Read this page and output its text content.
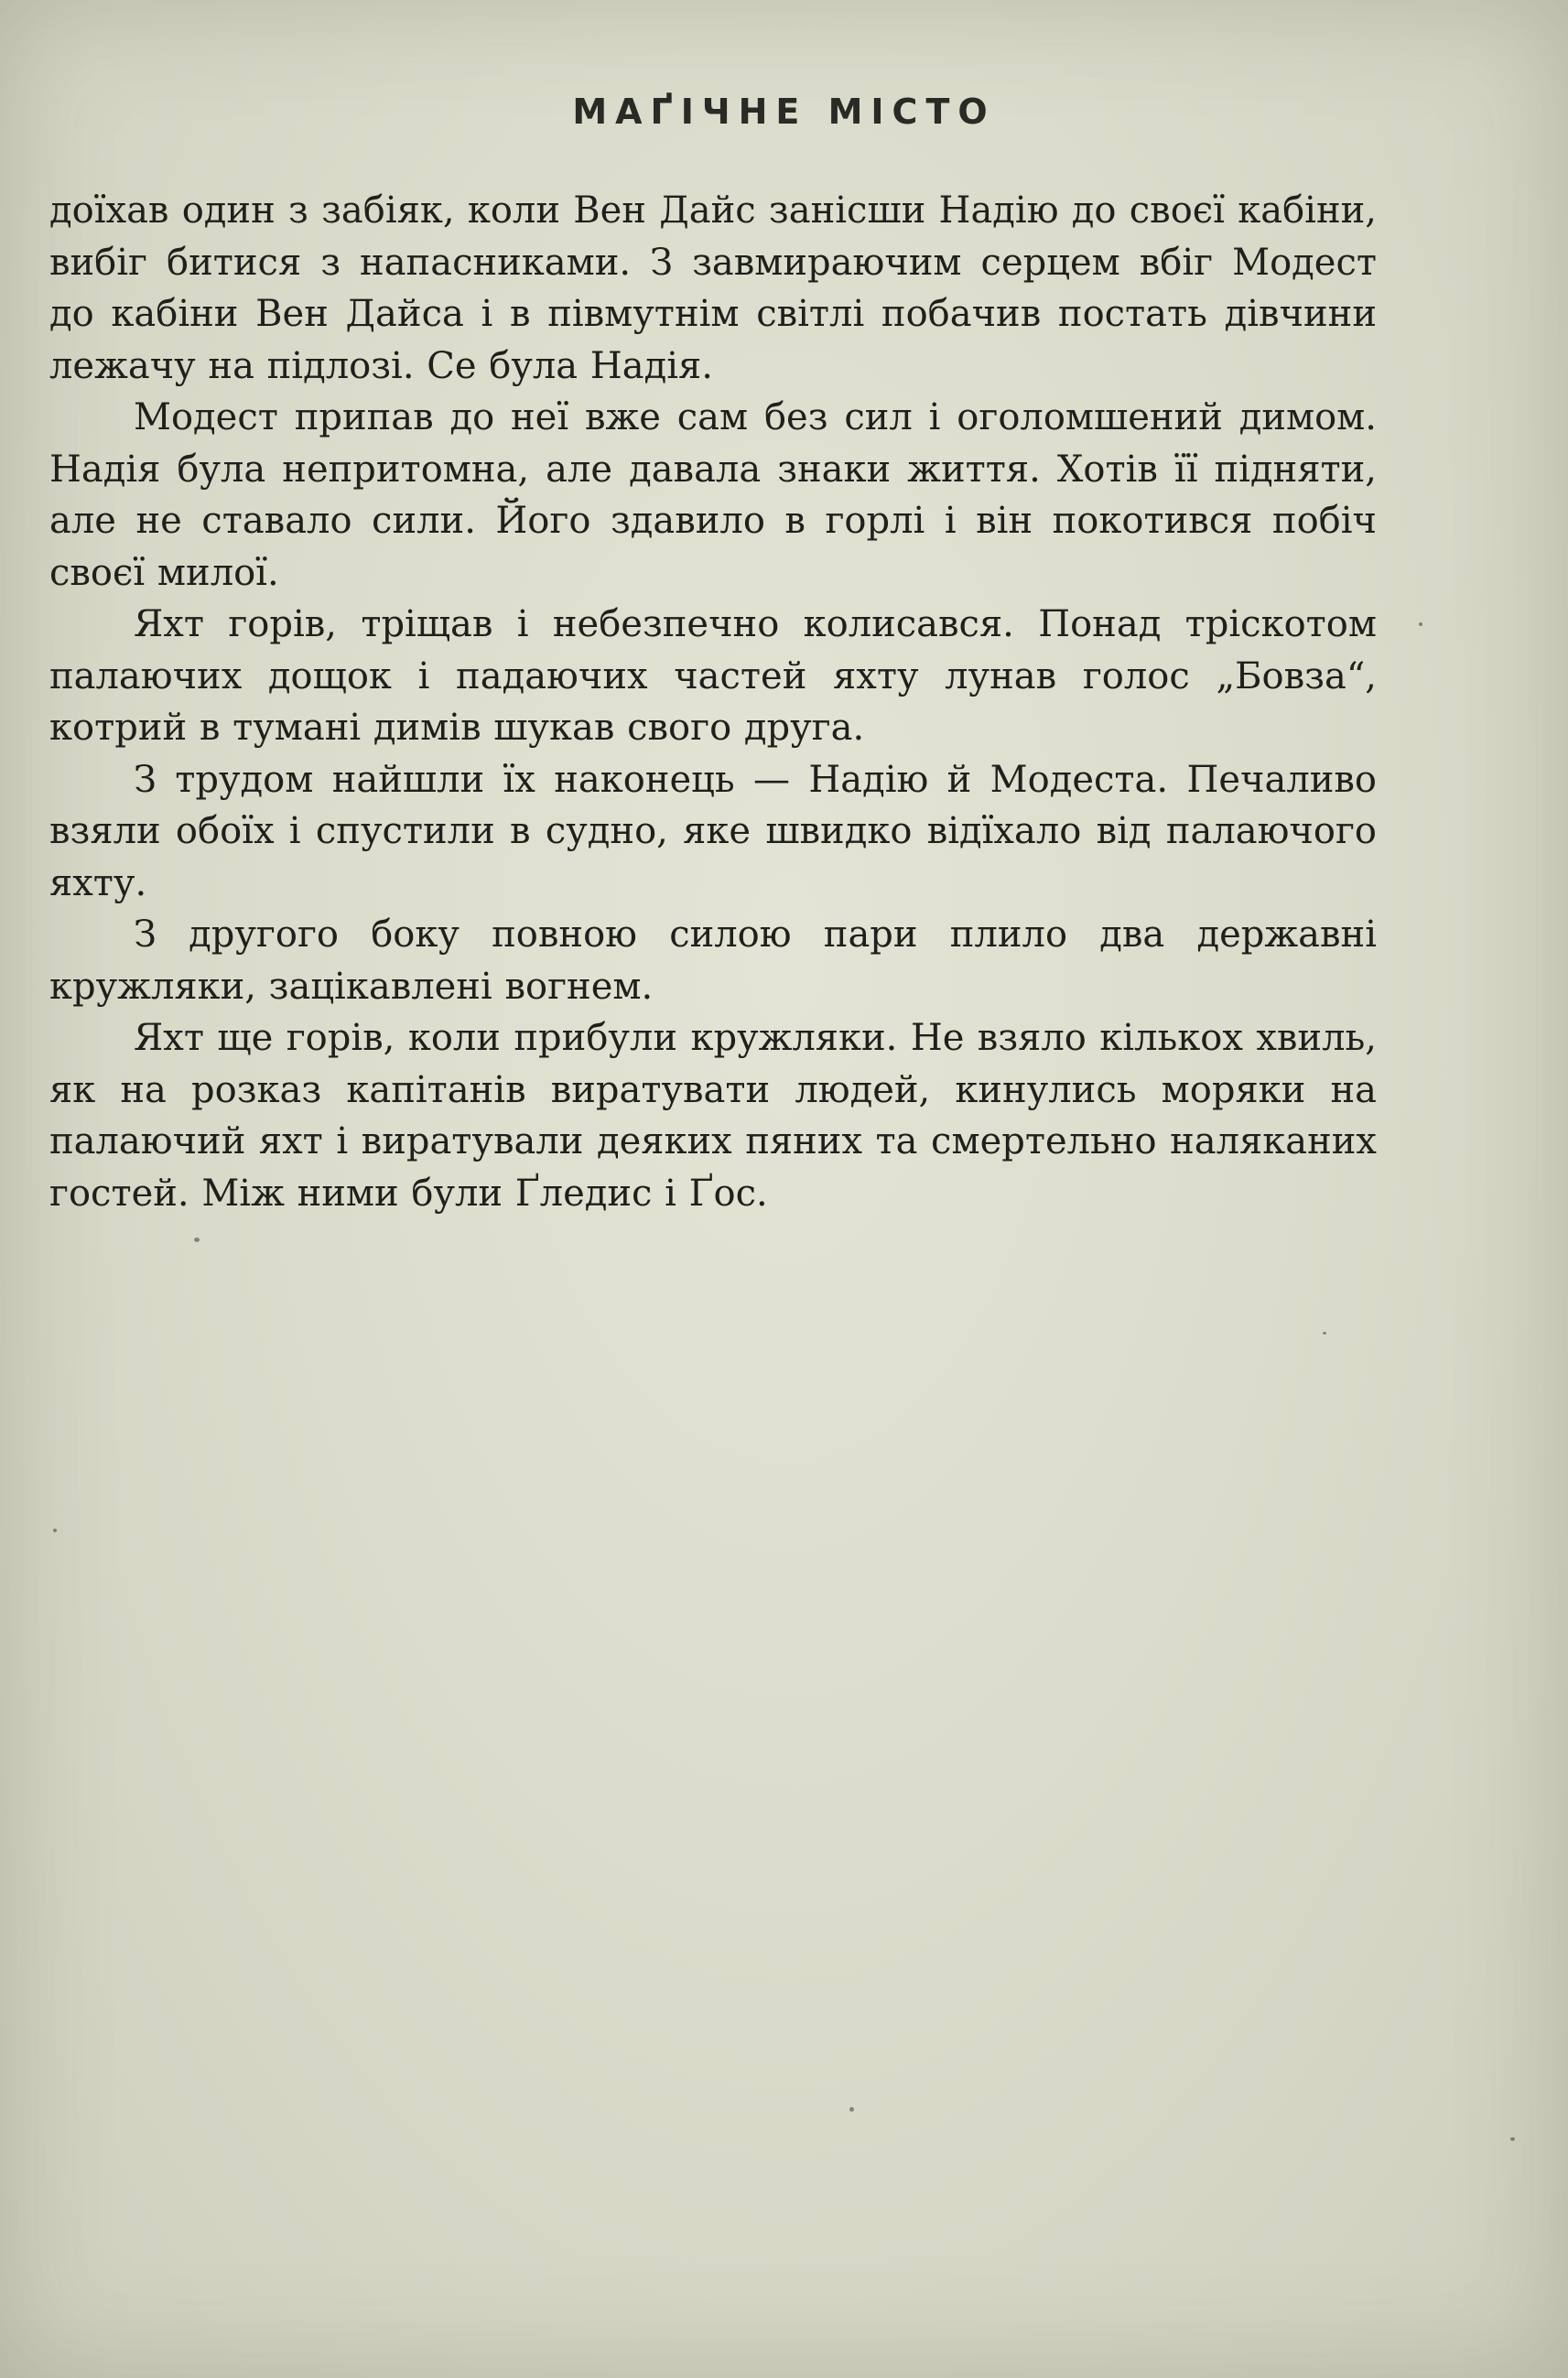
МАҐІЧНЕ МІСТО

доїхав один з забіяк, коли Вен Дайс занісши Надію до своєї кабіни, вибіг битися з напасниками. З завмираючим серцем вбіг Модест до кабіни Вен Дайса і в півмутнім світлі побачив постать дівчини лежачу на підлозі. Се була Надія.

Модест припав до неї вже сам без сил і оголомшений димом. Надія була непритомна, але давала знаки життя. Хотів її підняти, але не ставало сили. Його здавило в горлі і він покотився побіч своєї милої.

Яхт горів, тріщав і небезпечно колисався. Понад тріскотом палаючих дощок і падаючих частей яхту лунав голос „Бовза“, котрий в тумані димів шукав свого друга.

З трудом найшли їх наконець — Надію й Модеста. Печаливо взяли обоїх і спустили в судно, яке швидко відїхало від палаючого яхту.

З другого боку повною силою пари плило два державні кружляки, зацікавлені вогнем.

Яхт ще горів, коли прибули кружляки. Не взяло кількох хвиль, як на розказ капітанів виратувати людей, кинулись моряки на палаючий яхт і виратували деяких пяних та смертельно наляканих гостей. Між ними були Ґледис і Ґос.
